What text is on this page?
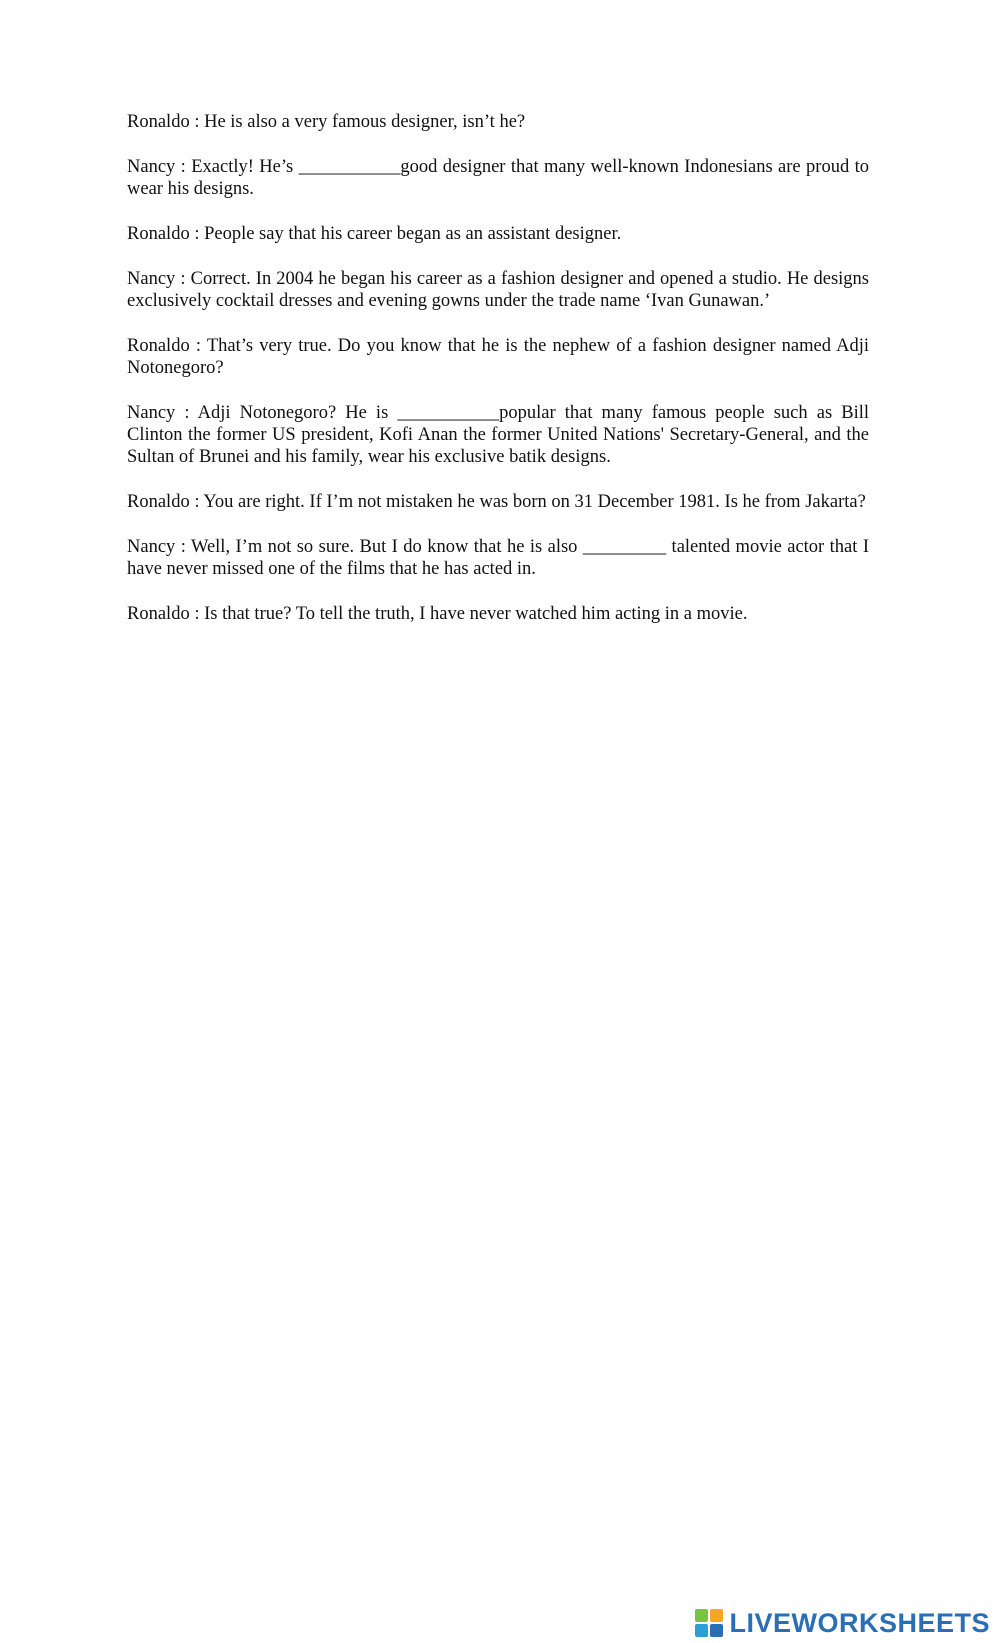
Ronaldo : He is also a very famous designer, isn’t he?

Nancy : Exactly! He’s ___________good designer that many well-known Indonesians are proud to wear his designs.

Ronaldo : People say that his career began as an assistant designer.

Nancy : Correct. In 2004 he began his career as a fashion designer and opened a studio. He designs exclusively cocktail dresses and evening gowns under the trade name ‘Ivan Gunawan.’

Ronaldo : That’s very true. Do you know that he is the nephew of a fashion designer named Adji Notonegoro?

Nancy : Adji Notonegoro? He is ___________popular that many famous people such as Bill Clinton the former US president, Kofi Anan the former United Nations' Secretary-General, and the Sultan of Brunei and his family, wear his exclusive batik designs.

Ronaldo : You are right. If I’m not mistaken he was born on 31 December 1981. Is he from Jakarta?

Nancy : Well, I’m not so sure. But I do know that he is also _________ talented movie actor that I have never missed one of the films that he has acted in.

Ronaldo : Is that true? To tell the truth, I have never watched him acting in a movie.

LIVEWORKSHEETS
